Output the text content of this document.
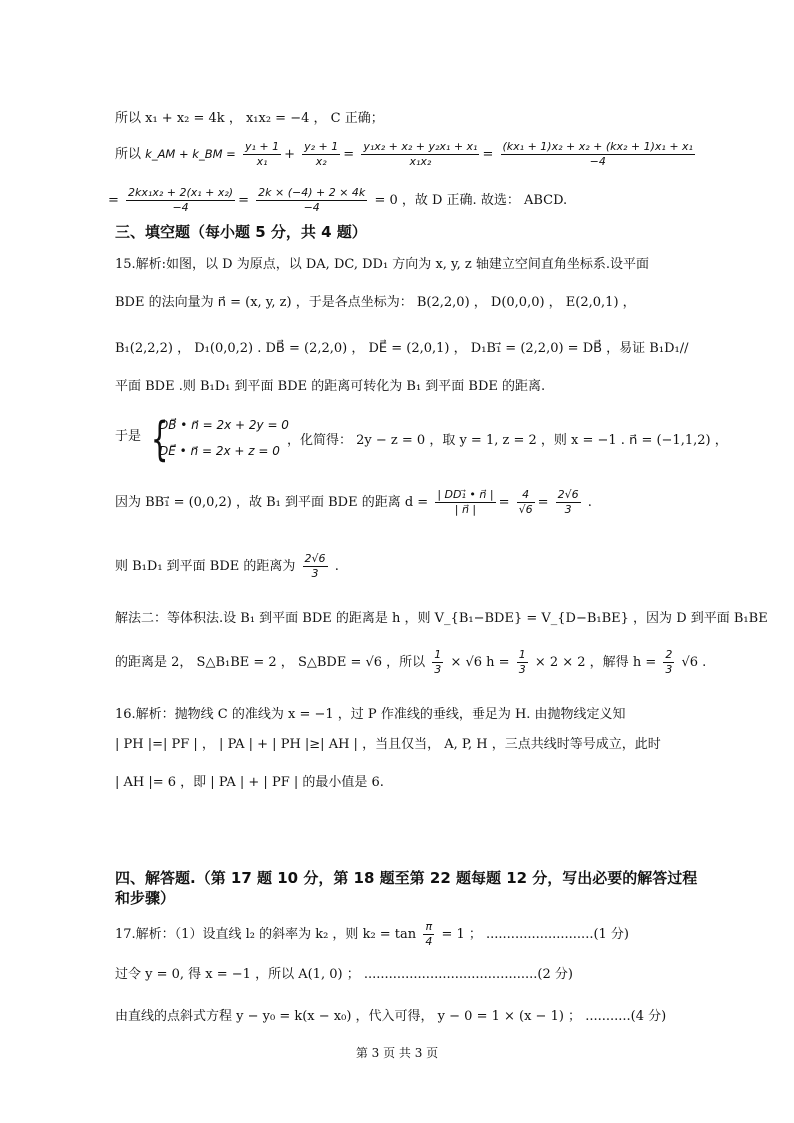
所以 x₁ + x₂ = 4k ， x₁x₂ = −4 ， C 正确；
所以 k_AM + k_BM = $\frac{\text{y₁ + 1}}{\text{x₁}} + \frac{\text{y₂ + 1}}{\text{x₂}} = \frac{\text{y₁x₂ + x₂ + y₂x₁ + x₁}}{\text{x₁x₂}} = \frac{\text{(kx₁ + 1)x₂ + x₂ + (kx₂ + 1)x₁ + x₁}}{-4}$
= $\frac{\text{2kx₁x₂ + 2(x₁ + x₂)}}{-4} = \frac{2k \times (-4) + 2 \times 4k}{-4} = 0$ ，故 D 正确. 故选： ABCD.
三、填空题（每小题 5 分，共 4 题）
15.解析:如图，以 D 为原点，以 DA, DC, DD₁ 方向为 x, y, z 轴建立空间直角坐标系.设平面
BDE 的法向量为 n⃗ = (x, y, z) ，于是各点坐标为： B(2,2,0) ， D(0,0,0) ， E(2,0,1) ，
B₁(2,2,2) ， D₁(0,0,2) . DB⃗ = (2,2,0) ， DE⃗ = (2,0,1) ， D₁B₁⃗ = (2,2,0) = DB⃗ ，易证 B₁D₁//
平面 BDE .则 B₁D₁ 到平面 BDE 的距离可转化为 B₁ 到平面 BDE 的距离.
于是 {
DB⃗ • n⃗ = 2x + 2y = 0
DE⃗ • n⃗ = 2x + z = 0
，化简得： 2y − z = 0 ，取 y = 1, z = 2 ，则 x = −1 . n⃗ = (−1,1,2) ，
因为 BB₁⃗ = (0,0,2) ，故 B₁ 到平面 BDE 的距离 $d = \frac{\text{| DD₁⃗ • n⃗ |}}{| n⃗ |} = \frac{4}{√6} = \frac{2√6}{3}$ .
则 B₁D₁ 到平面 BDE 的距离为 $\frac{2√6}{3}$ .
解法二：等体积法.设 B₁ 到平面 BDE 的距离是 h ，则 V_{B₁−BDE} = V_{D−B₁BE} ，因为 D 到平面 B₁BE
的距离是 2， S△B₁BE = 2 ， S△BDE = √6 ，所以 $\frac{1}{3} \times √6$ $h = \frac{1}{3} \times 2 \times 2$ ，解得 $h = \frac{2}{3} √6$ .
16.解析：抛物线 C 的准线为 x = −1 ，过 P 作准线的垂线，垂足为 H. 由抛物线定义知
| PH |=| PF | ， | PA | + | PH |≥| AH | ，当且仅当， A, P, H ，三点共线时等号成立，此时
| AH |= 6 ，即 | PA | + | PF | 的最小值是 6.
四、解答题.（第 17 题 10 分，第 18 题至第 22 题每题 12 分，写出必要的解答过程
和步骤）
17.解析：（1）设直线 l₂ 的斜率为 k₂ ，则 $k_2 = \tan \frac{\pi}{4} = 1$ ； ..........................(1 分)
过令 y = 0, 得 x = −1 ，所以 A(1, 0) ； ..........................................(2 分)
由直线的点斜式方程 y − y₀ = k(x − x₀) ，代入可得， y − 0 = 1 × (x − 1) ； ...........(4 分)
第 3 页 共 3 页
